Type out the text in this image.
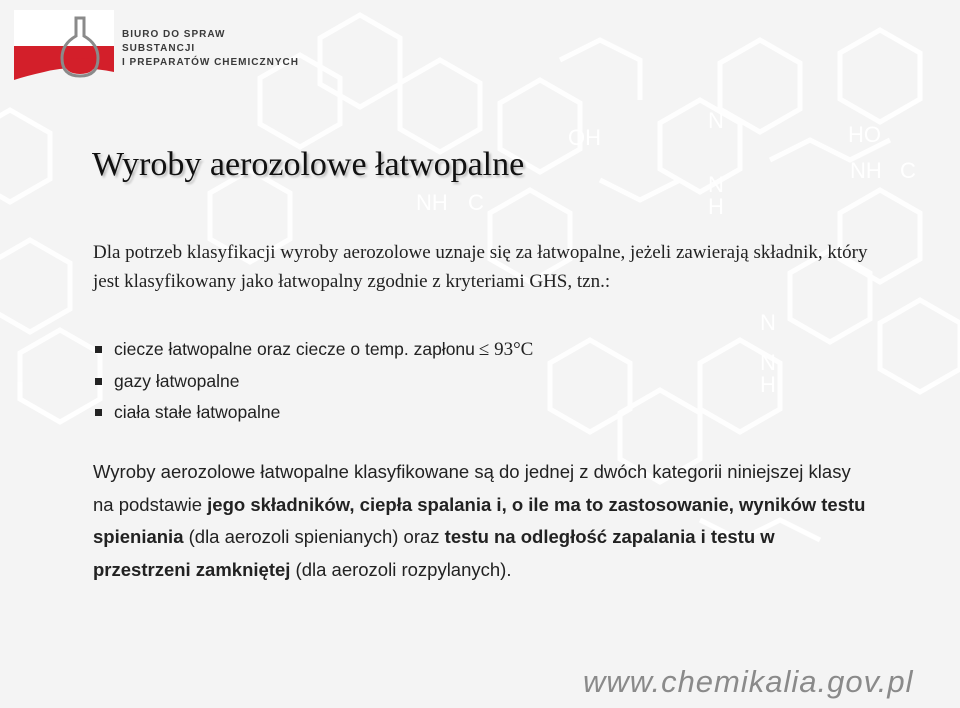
OH
NH C
N
N
H
HO
NH C
N
N
H
BIURO DO SPRAW
SUBSTANCJI
I PREPARATÓW CHEMICZNYCH
Wyroby aerozolowe łatwopalne
Dla potrzeb klasyfikacji wyroby aerozolowe uznaje się za łatwopalne, jeżeli zawierają składnik, który jest klasyfikowany jako łatwopalny zgodnie z kryteriami GHS, tzn.:
ciecze łatwopalne oraz ciecze o temp. zapłonu ≤ 93°C
gazy łatwopalne
ciała stałe łatwopalne
Wyroby aerozolowe łatwopalne klasyfikowane są do jednej z dwóch kategorii niniejszej klasy na podstawie jego składników, ciepła spalania i, o ile ma to zastosowanie, wyników testu spieniania (dla aerozoli spienianych) oraz testu na odległość zapalania i testu w przestrzeni zamkniętej (dla aerozoli rozpylanych).
www.chemikalia.gov.pl
